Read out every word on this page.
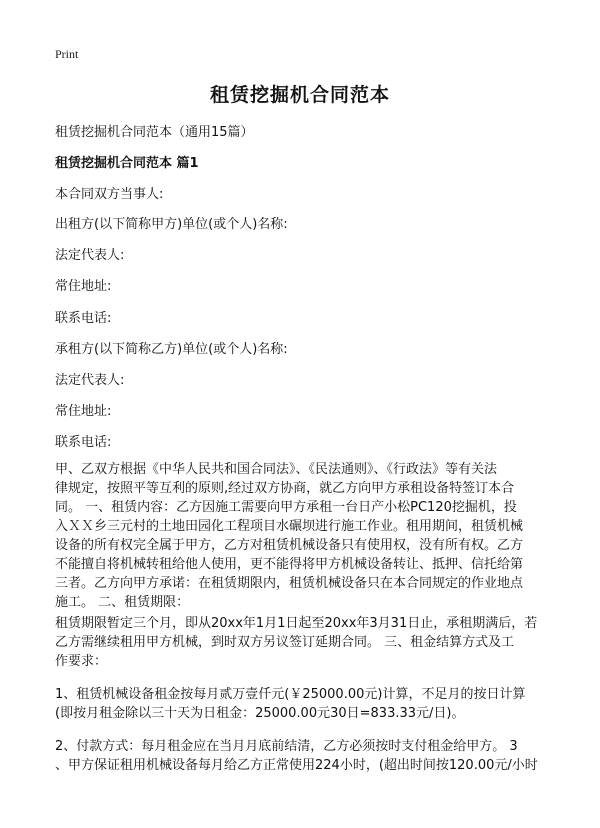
Print
租赁挖掘机合同范本
租赁挖掘机合同范本（通用15篇）
租赁挖掘机合同范本 篇1
本合同双方当事人:
出租方(以下简称甲方)单位(或个人)名称:
法定代表人:
常住地址:
联系电话:
承租方(以下简称乙方)单位(或个人)名称:
法定代表人:
常住地址:
联系电话:
甲、乙双方根据《中华人民共和国合同法》、《民法通则》、《行政法》等有关法
律规定，按照平等互利的原则,经过双方协商，就乙方向甲方承租设备特签订本合
同。 一、租赁内容：乙方因施工需要向甲方承租一台日产小松PC120挖掘机，投
入ＸＸ乡三元村的土地田园化工程项目水碾坝进行施工作业。租用期间，租赁机械
设备的所有权完全属于甲方，乙方对租赁机械设备只有使用权，没有所有权。乙方
不能擅自将机械转租给他人使用，更不能得将甲方机械设备转让、抵押、信托给第
三者。乙方向甲方承诺：在租赁期限内，租赁机械设备只在本合同规定的作业地点
施工。 二、租赁期限：
租赁期限暂定三个月，即从20xx年1月1日起至20xx年3月31日止，承租期满后，若
乙方需继续租用甲方机械，到时双方另议签订延期合同。 三、租金结算方式及工
作要求：
1、租赁机械设备租金按每月贰万壹仟元(￥25000.00元)计算，不足月的按日计算
(即按月租金除以三十天为日租金：25000.00元30日=833.33元/日)。
2、付款方式：每月租金应在当月月底前结清，乙方必须按时支付租金给甲方。 3
、甲方保证租用机械设备每月给乙方正常使用224小时，(超出时间按120.00元/小时
